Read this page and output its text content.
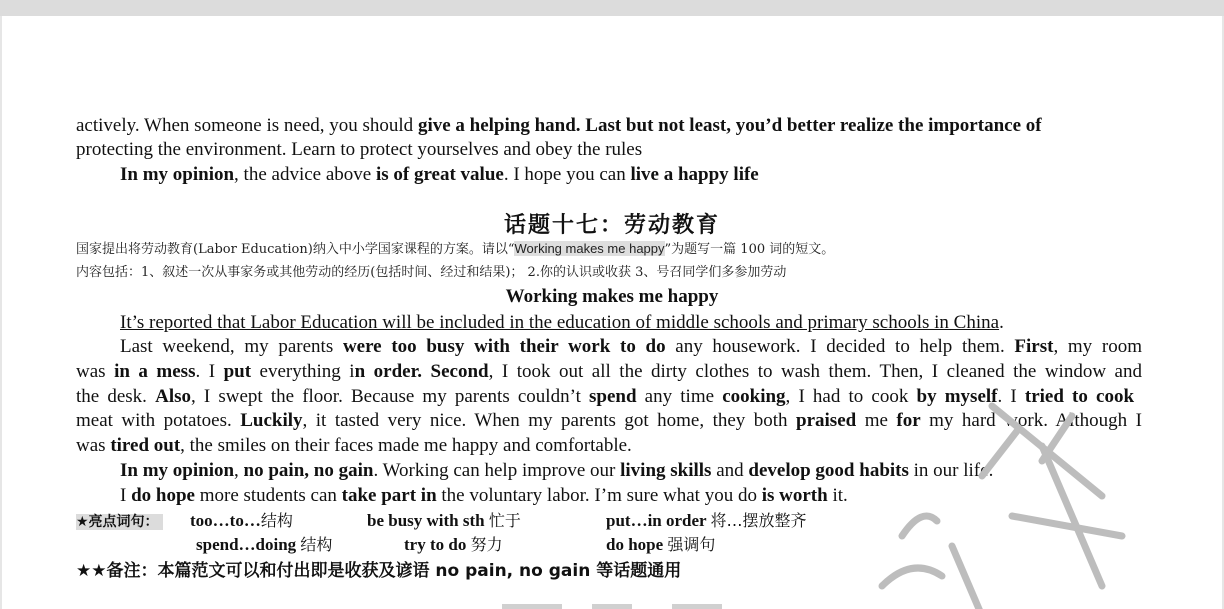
actively. When someone is need, you should give a helping hand. Last but not least, you’d better realize the importance of
protecting the environment. Learn to protect yourselves and obey the rules
In my opinion, the advice above is of great value. I hope you can live a happy life
话题十七：劳动教育
国家提出将劳动教育(Labor Education)纳入中小学国家课程的方案。请以“Working makes me happy”为题写一篇 100 词的短文。
内容包括：1、叙述一次从事家务或其他劳动的经历(包括时间、经过和结果)； 2.你的认识或收获 3、号召同学们多参加劳动
Working makes me happy
It’s reported that Labor Education will be included in the education of middle schools and primary schools in China.
Last weekend, my parents were too busy with their work to do any housework. I decided to help them. First, my room
was in a mess. I put everything in order. Second, I took out all the dirty clothes to wash them. Then, I cleaned the window and
the desk. Also, I swept the floor. Because my parents couldn’t spend any time cooking, I had to cook by myself. I tried to cook
meat with potatoes. Luckily, it tasted very nice. When my parents got home, they both praised me for my hard work. Although I
was tired out, the smiles on their faces made me happy and comfortable.
In my opinion, no pain, no gain. Working can help improve our living skills and develop good habits in our life.
I do hope more students can take part in the voluntary labor. I’m sure what you do is worth it.
★亮点词句： too…to…结构	be busy with sth 忙于	put…in order 将…摆放整齐
spend…doing 结构	try to do 努力	do hope 强调句
★★备注：本篇范文可以和付出即是收获及谚语 no pain, no gain 等话题通用
